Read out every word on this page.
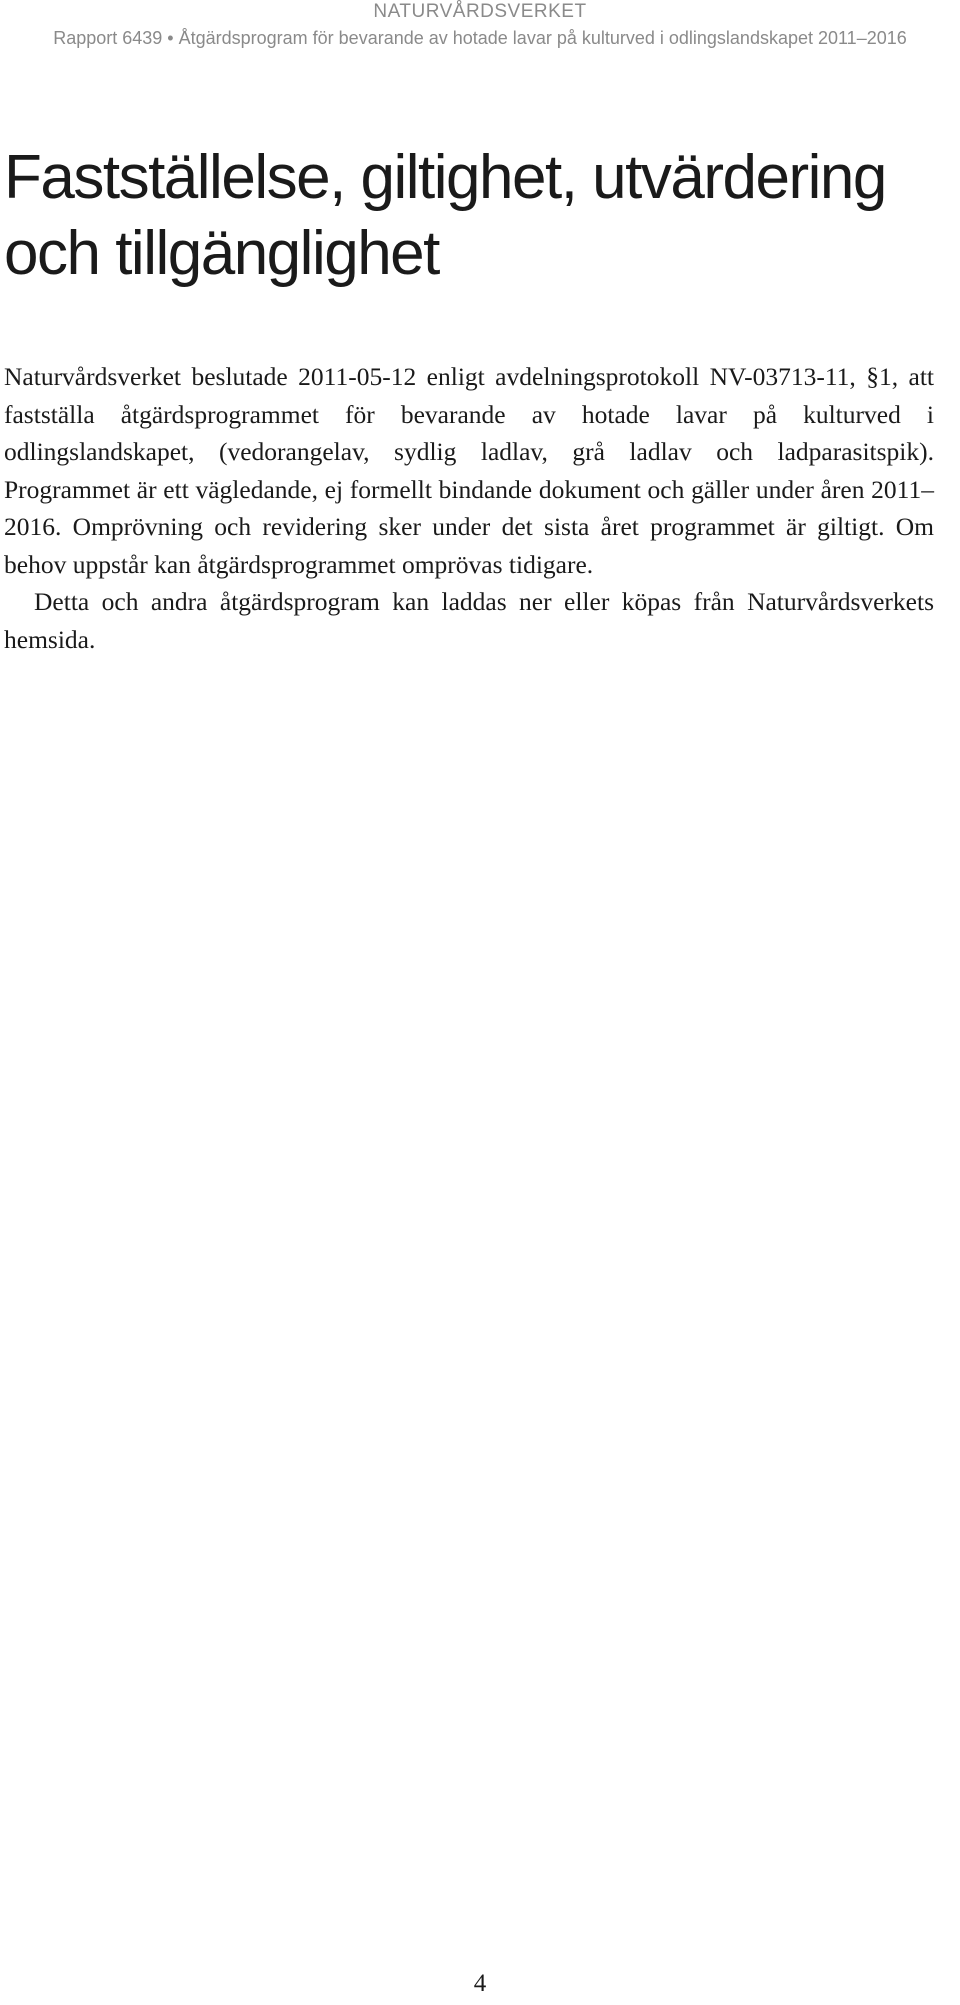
NATURVÅRDSVERKET
Rapport 6439 • Åtgärdsprogram för bevarande av hotade lavar på kulturved i odlingslandskapet 2011–2016
Fastställelse, giltighet, utvärdering och tillgänglighet

Naturvårdsverket beslutade 2011-05-12 enligt avdelningsprotokoll NV-03713-11, §1, att fastställa åtgärdsprogrammet för bevarande av hotade lavar på kulturved i odlingslandskapet, (vedorangelav, sydlig ladlav, grå ladlav och ladparasitspik). Programmet är ett vägledande, ej formellt bindande dokument och gäller under åren 2011–2016. Omprövning och revidering sker under det sista året programmet är giltigt. Om behov uppstår kan åtgärdsprogrammet omprövas tidigare.

Detta och andra åtgärdsprogram kan laddas ner eller köpas från Naturvårdsverkets hemsida.

4
